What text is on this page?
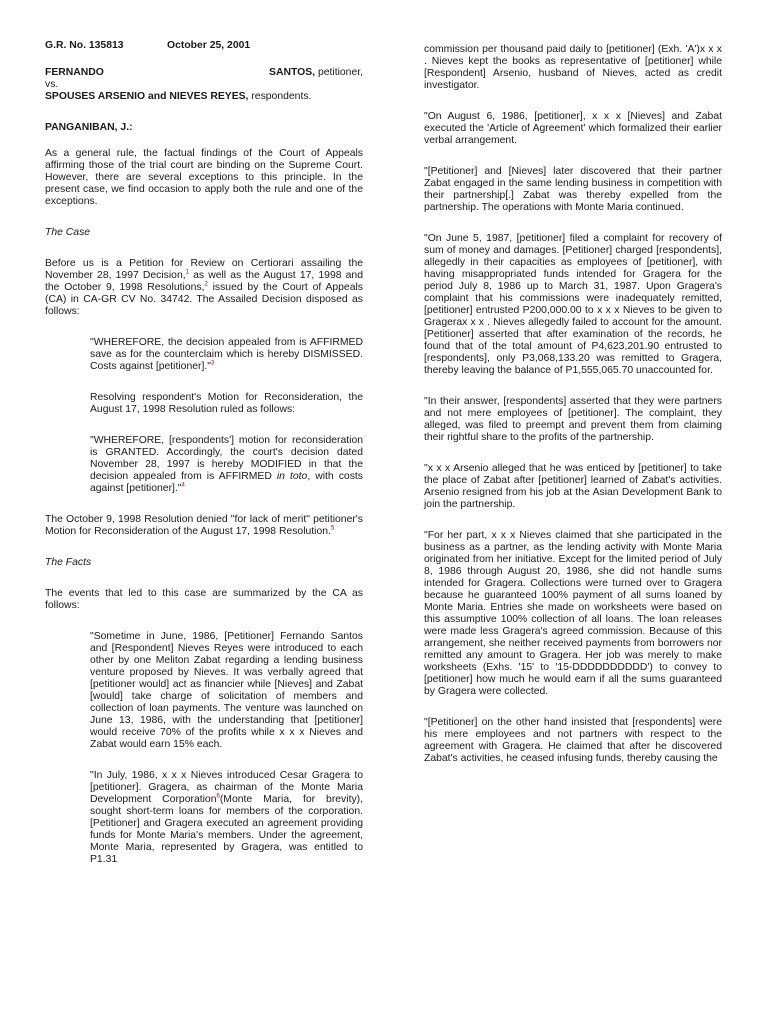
G.R. No. 135813	October 25, 2001
FERNANDO	SANTOS, petitioner,

vs.

SPOUSES ARSENIO and NIEVES REYES, respondents.

PANGANIBAN, J.:

As a general rule, the factual findings of the Court of Appeals affirming those of the trial court are binding on the Supreme Court. However, there are several exceptions to this principle. In the present case, we find occasion to apply both the rule and one of the exceptions.

The Case

Before us is a Petition for Review on Certiorari assailing the November 28, 1997 Decision,$^1$ as well as the August 17, 1998 and the October 9, 1998 Resolutions,$^2$ issued by the Court of Appeals (CA) in CA-GR CV No. 34742. The Assailed Decision disposed as follows:

"WHEREFORE, the decision appealed from is AFFIRMED save as for the counterclaim which is hereby DISMISSED. Costs against [petitioner]."$^3$

Resolving respondent's Motion for Reconsideration, the August 17, 1998 Resolution ruled as follows:

"WHEREFORE, [respondents'] motion for reconsideration is GRANTED. Accordingly, the court's decision dated November 28, 1997 is hereby MODIFIED in that the decision appealed from is AFFIRMED in toto, with costs against [petitioner]."$^4$

The October 9, 1998 Resolution denied "for lack of merit" petitioner's Motion for Reconsideration of the August 17, 1998 Resolution.$^5$

The Facts

The events that led to this case are summarized by the CA as follows:

"Sometime in June, 1986, [Petitioner] Fernando Santos and [Respondent] Nieves Reyes were introduced to each other by one Meliton Zabat regarding a lending business venture proposed by Nieves. It was verbally agreed that [petitioner would] act as financier while [Nieves] and Zabat [would] take charge of solicitation of members and collection of loan payments. The venture was launched on June 13, 1986, with the understanding that [petitioner] would receive 70% of the profits while x x x Nieves and Zabat would earn 15% each.

"In July, 1986, x x x Nieves introduced Cesar Gragera to [petitioner]. Gragera, as chairman of the Monte Maria Development Corporation$^6$(Monte Maria, for brevity), sought short-term loans for members of the corporation. [Petitioner] and Gragera executed an agreement providing funds for Monte Maria's members. Under the agreement, Monte Maria, represented by Gragera, was entitled to P1.31

commission per thousand paid daily to [petitioner] (Exh. 'A')x x x . Nieves kept the books as representative of [petitioner] while [Respondent] Arsenio, husband of Nieves, acted as credit investigator.

"On August 6, 1986, [petitioner], x x x [Nieves] and Zabat executed the 'Article of Agreement' which formalized their earlier verbal arrangement.

"[Petitioner] and [Nieves] later discovered that their partner Zabat engaged in the same lending business in competition with their partnership[.] Zabat was thereby expelled from the partnership. The operations with Monte Maria continued.

"On June 5, 1987, [petitioner] filed a complaint for recovery of sum of money and damages. [Petitioner] charged [respondents], allegedly in their capacities as employees of [petitioner], with having misappropriated funds intended for Gragera for the period July 8, 1986 up to March 31, 1987. Upon Gragera's complaint that his commissions were inadequately remitted, [petitioner] entrusted P200,000.00 to x x x Nieves to be given to Gragerax x x . Nieves allegedly failed to account for the amount. [Petitioner] asserted that after examination of the records, he found that of the total amount of P4,623,201.90 entrusted to [respondents], only P3,068,133.20 was remitted to Gragera, thereby leaving the balance of P1,555,065.70 unaccounted for.

"In their answer, [respondents] asserted that they were partners and not mere employees of [petitioner]. The complaint, they alleged, was filed to preempt and prevent them from claiming their rightful share to the profits of the partnership.

"x x x Arsenio alleged that he was enticed by [petitioner] to take the place of Zabat after [petitioner] learned of Zabat's activities. Arsenio resigned from his job at the Asian Development Bank to join the partnership.

"For her part, x x x Nieves claimed that she participated in the business as a partner, as the lending activity with Monte Maria originated from her initiative. Except for the limited period of July 8, 1986 through August 20, 1986, she did not handle sums intended for Gragera. Collections were turned over to Gragera because he guaranteed 100% payment of all sums loaned by Monte Maria. Entries she made on worksheets were based on this assumptive 100% collection of all loans. The loan releases were made less Gragera's agreed commission. Because of this arrangement, she neither received payments from borrowers nor remitted any amount to Gragera. Her job was merely to make worksheets (Exhs. '15' to '15-DDDDDDDDDD') to convey to [petitioner] how much he would earn if all the sums guaranteed by Gragera were collected.

"[Petitioner] on the other hand insisted that [respondents] were his mere employees and not partners with respect to the agreement with Gragera. He claimed that after he discovered Zabat's activities, he ceased infusing funds, thereby causing the
